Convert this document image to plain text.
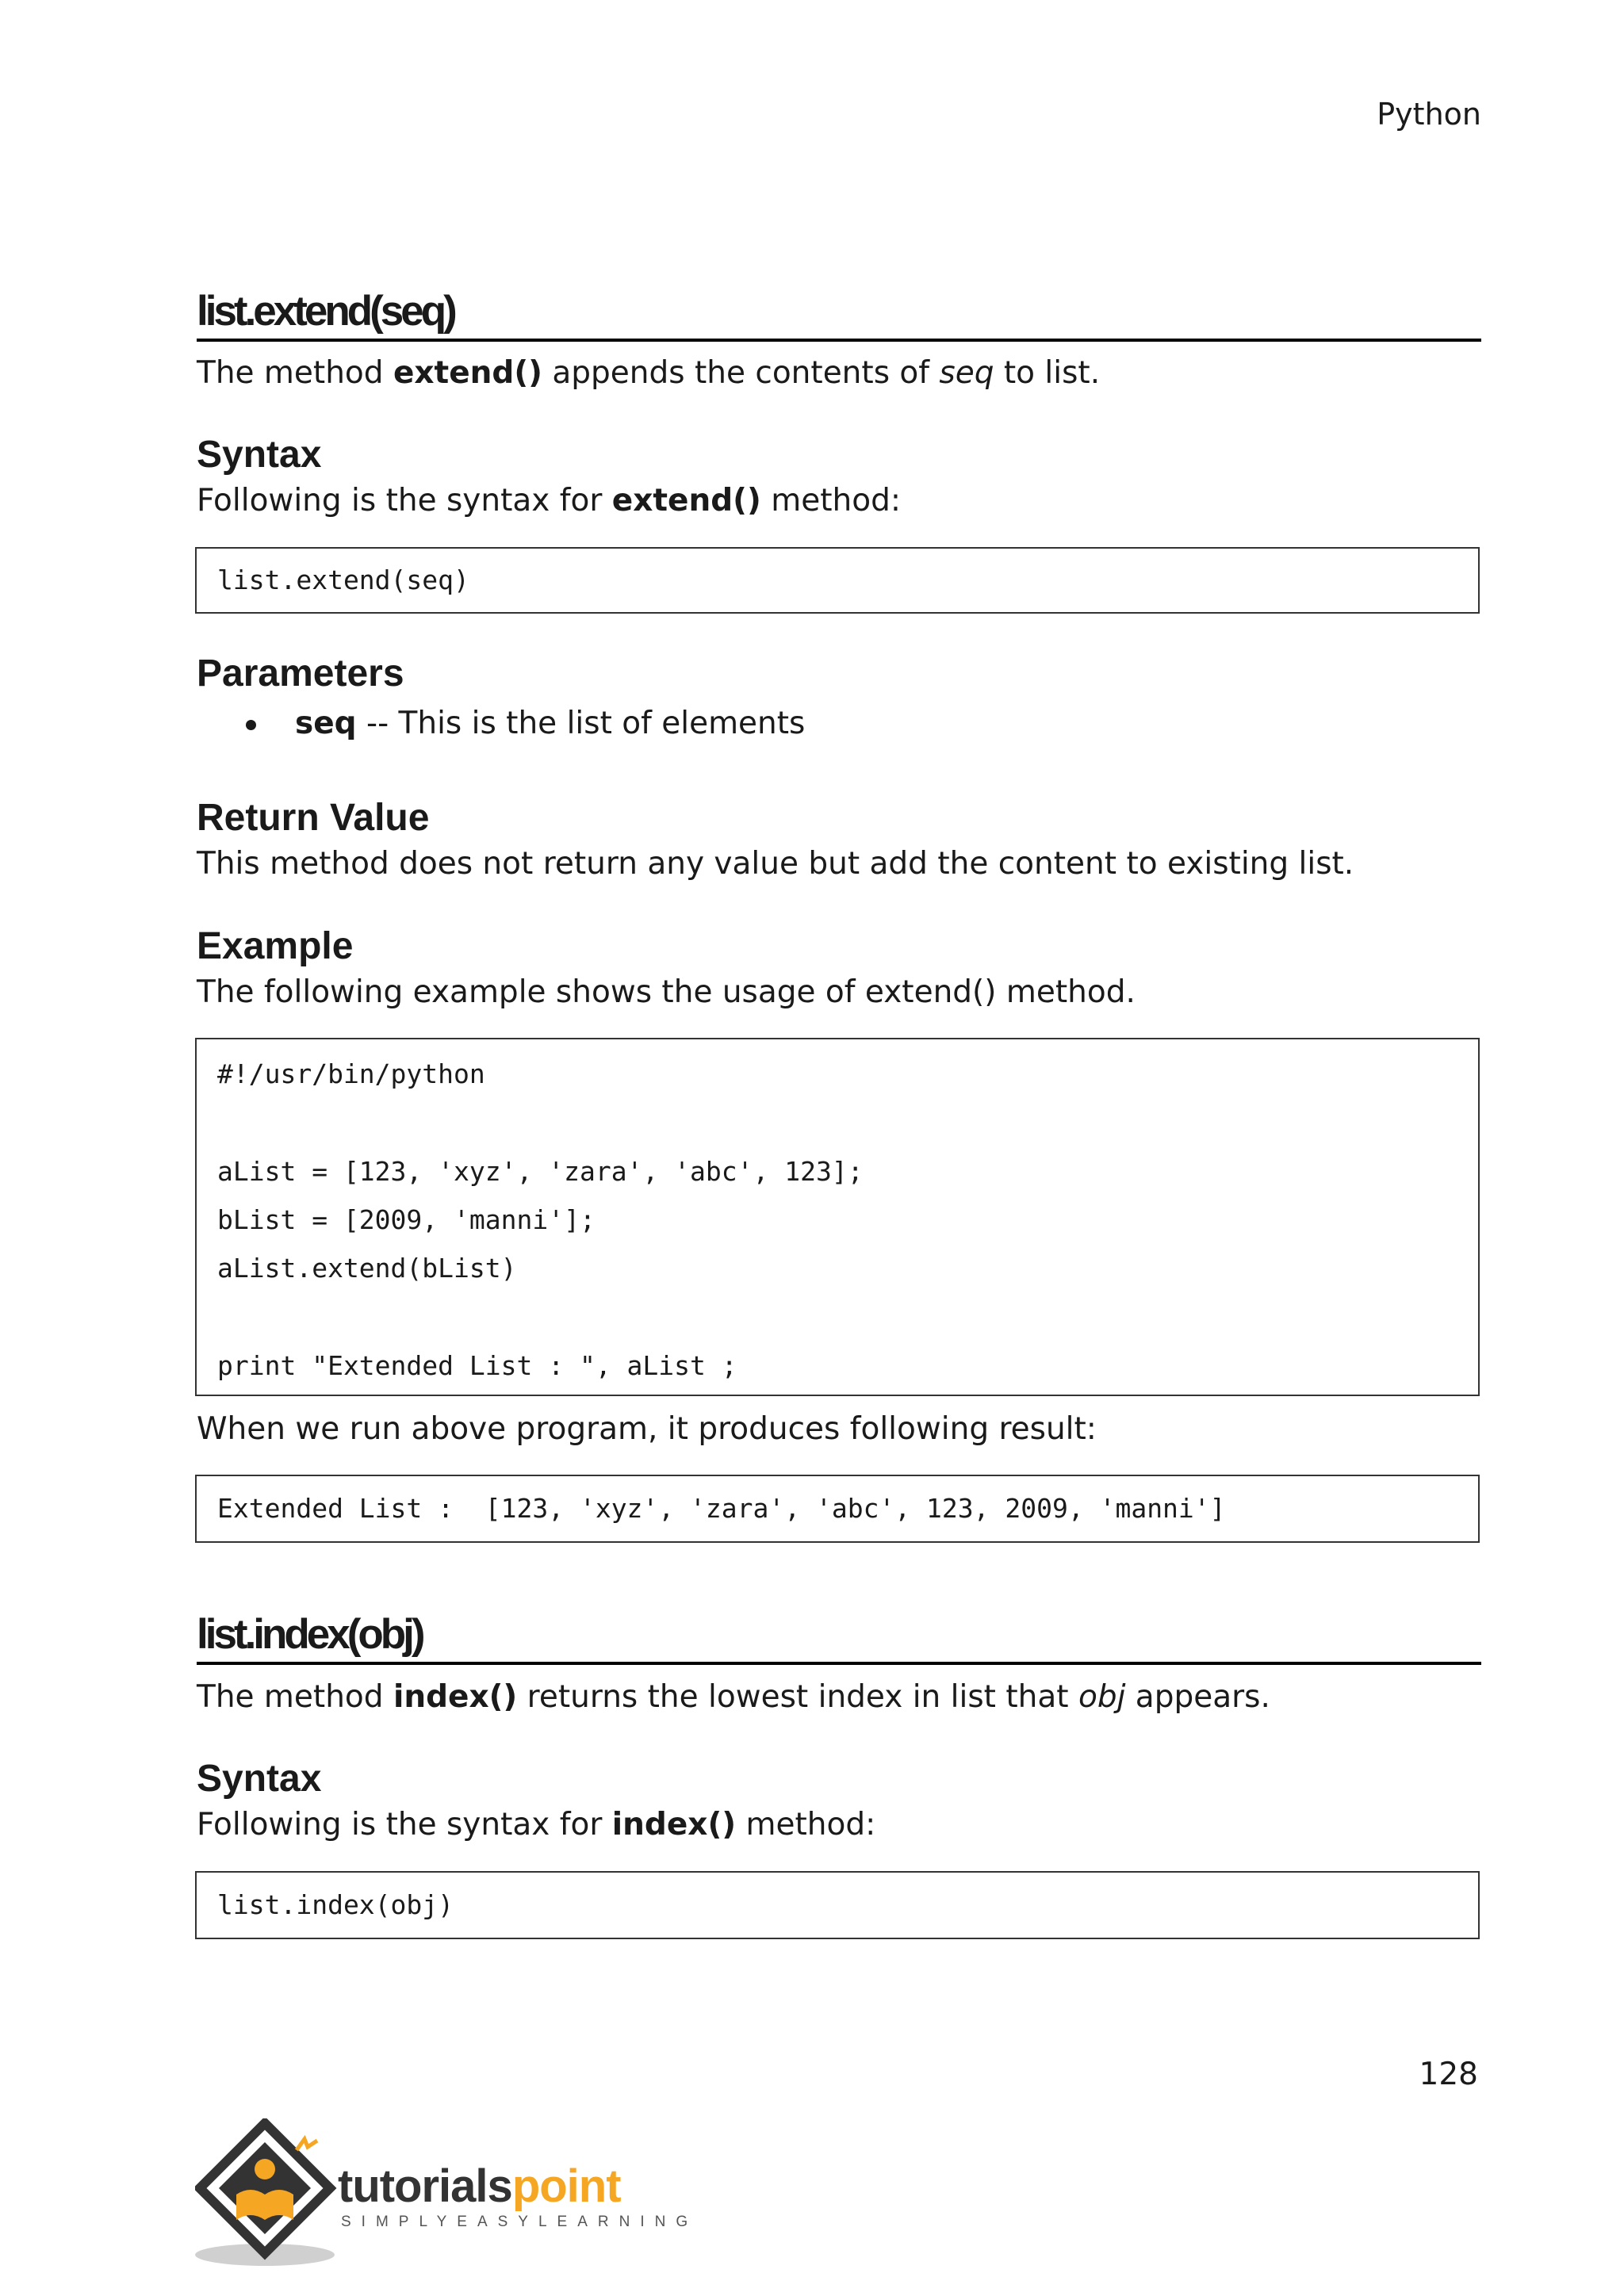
Python
list.extend(seq)
The method extend() appends the contents of seq to list.
Syntax
Following is the syntax for extend() method:
list.extend(seq)
Parameters
seq -- This is the list of elements
Return Value
This method does not return any value but add the content to existing list.
Example
The following example shows the usage of extend() method.
#!/usr/bin/python
aList = [123, 'xyz', 'zara', 'abc', 123];
bList = [2009, 'manni'];
aList.extend(bList)
print "Extended List : ", aList ;
When we run above program, it produces following result:
Extended List :  [123, 'xyz', 'zara', 'abc', 123, 2009, 'manni']
list.index(obj)
The method index() returns the lowest index in list that obj appears.
Syntax
Following is the syntax for index() method:
list.index(obj)
128
tutorialspoint
SIMPLYEASYLEARNING
